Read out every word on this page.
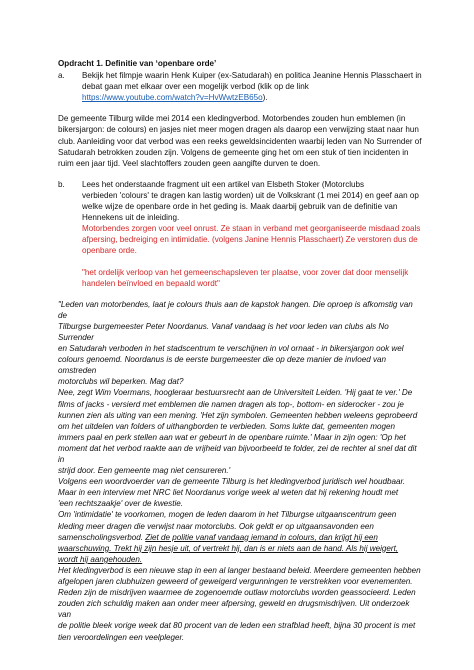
Opdracht 1. Definitie van ‘openbare orde’

a.	Bekijk het filmpje waarin Henk Kuiper (ex-Satudarah) en politica Jeanine Hennis Plasschaert in

debat gaan met elkaar over een mogelijk verbod (klik op de link

https://www.youtube.com/watch?v=HvWwtzEB65o).

De gemeente Tilburg wilde mei 2014 een kledingverbod. Motorbendes zouden hun emblemen (in

bikersjargon: de colours) en jasjes niet meer mogen dragen als daarop een verwijzing staat naar hun

club. Aanleiding voor dat verbod was een reeks geweldsincidenten waarbij leden van No Surrender of

Satudarah betrokken zouden zijn. Volgens de gemeente ging het om een stuk of tien incidenten in

ruim een jaar tijd. Veel slachtoffers zouden geen aangifte durven te doen.

b.	Lees het onderstaande fragment uit een artikel van Elsbeth Stoker (Motorclubs

verbieden 'colours' te dragen kan lastig worden) uit de Volkskrant (1 mei 2014) en geef aan op

welke wijze de openbare orde in het geding is. Maak daarbij gebruik van de definitie van

Hennekens uit de inleiding.

Motorbendes zorgen voor veel onrust. Ze staan in verband met georganiseerde misdaad zoals

afpersing, bedreiging en intimidatie. (volgens Janine Hennis Plasschaert) Ze verstoren dus de

openbare orde.

"het ordelijk verloop van het gemeenschapsleven ter plaatse, voor zover dat door menselijk

handelen beïnvloed en bepaald wordt"

"Leden van motorbendes, laat je colours thuis aan de kapstok hangen. Die oproep is afkomstig van de

Tilburgse burgemeester Peter Noordanus. Vanaf vandaag is het voor leden van clubs als No Surrender

en Satudarah verboden in het stadscentrum te verschijnen in vol ornaat - in bikersjargon ook wel

colours genoemd. Noordanus is de eerste burgemeester die op deze manier de invloed van omstreden

motorclubs wil beperken. Mag dat?

Nee, zegt Wim Voermans, hoogleraar bestuursrecht aan de Universiteit Leiden. 'Hij gaat te ver.' De

films of jacks - versierd met emblemen die namen dragen als top-, bottom- en siderocker - zou je

kunnen zien als uiting van een mening. 'Het zijn symbolen. Gemeenten hebben weleens geprobeerd

om het uitdelen van folders of uithangborden te verbieden. Soms lukte dat, gemeenten mogen

immers paal en perk stellen aan wat er gebeurt in de openbare ruimte.' Maar in zijn ogen: 'Op het

moment dat het verbod raakte aan de vrijheid van bijvoorbeeld te folder, zei de rechter al snel dat dit in

strijd door. Een gemeente mag niet censureren.'

Volgens een woordvoerder van de gemeente Tilburg is het kledingverbod juridisch wel houdbaar.

Maar in een interview met NRC liet Noordanus vorige week al weten dat hij rekening houdt met

'een rechtszaakje' over de kwestie.

Om 'intimidatie' te voorkomen, mogen de leden daarom in het Tilburgse uitgaanscentrum geen

kleding meer dragen die verwijst naar motorclubs. Ook geldt er op uitgaansavonden een

samenscholingsverbod. Ziet de politie vanaf vandaag iemand in colours, dan krijgt hij een

waarschuwing. Trekt hij zijn hesje uit, of vertrekt hij, dan is er niets aan de hand. Als hij weigert,

wordt hij aangehouden.

Het kledingverbod is een nieuwe stap in een al langer bestaand beleid. Meerdere gemeenten hebben

afgelopen jaren clubhuizen geweerd of geweigerd vergunningen te verstrekken voor evenementen.

Reden zijn de misdrijven waarmee de zogenoemde outlaw motorclubs worden geassocieerd. Leden

zouden zich schuldig maken aan onder meer afpersing, geweld en drugsmisdrijven. Uit onderzoek van

de politie bleek vorige week dat 80 procent van de leden een strafblad heeft, bijna 30 procent is met

tien veroordelingen een veelpleger.
